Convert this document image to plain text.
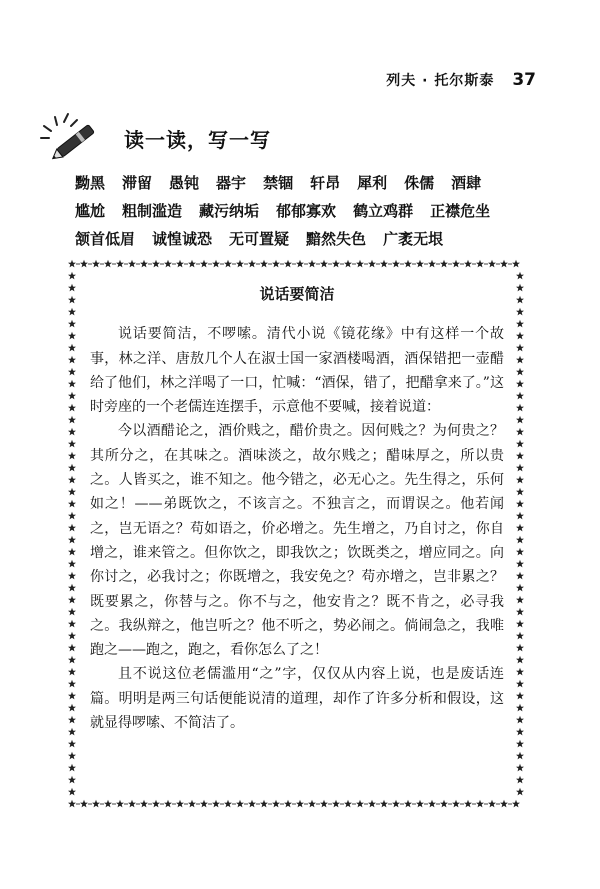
列夫 · 托尔斯泰 37
读一读，写一写
黝黑 滞留 愚钝 器宇 禁锢 轩昂 犀利 侏儒 酒肆
尴尬 粗制滥造 藏污纳垢 郁郁寡欢 鹤立鸡群 正襟危坐
颔首低眉 诚惶诚恐 无可置疑 黯然失色 广袤无垠
说话要简洁

说话要简洁，不啰嗦。清代小说《镜花缘》中有这样一个故事，林之洋、唐敖几个人在淑士国一家酒楼喝酒，酒保错把一壶醋给了他们，林之洋喝了一口，忙喊：“酒保，错了，把醋拿来了。”这时旁座的一个老儒连连摆手，示意他不要喊，接着说道：

今以酒醋论之，酒价贱之，醋价贵之。因何贱之？为何贵之？其所分之，在其味之。酒味淡之，故尔贱之；醋味厚之，所以贵之。人皆买之，谁不知之。他今错之，必无心之。先生得之，乐何如之！——弟既饮之，不该言之。不独言之，而谓误之。他若闻之，岂无语之？苟如语之，价必增之。先生增之，乃自讨之，你自增之，谁来管之。但你饮之，即我饮之；饮既类之，增应同之。向你讨之，必我讨之；你既增之，我安免之？苟亦增之，岂非累之？既要累之，你替与之。你不与之，他安肯之？既不肯之，必寻我之。我纵辩之，他岂听之？他不听之，势必闹之。倘闹急之，我唯跑之——跑之，跑之，看你怎么了之！

且不说这位老儒滥用“之”字，仅仅从内容上说，也是废话连篇。明明是两三句话便能说清的道理，却作了许多分析和假设，这就显得啰嗦、不简洁了。
